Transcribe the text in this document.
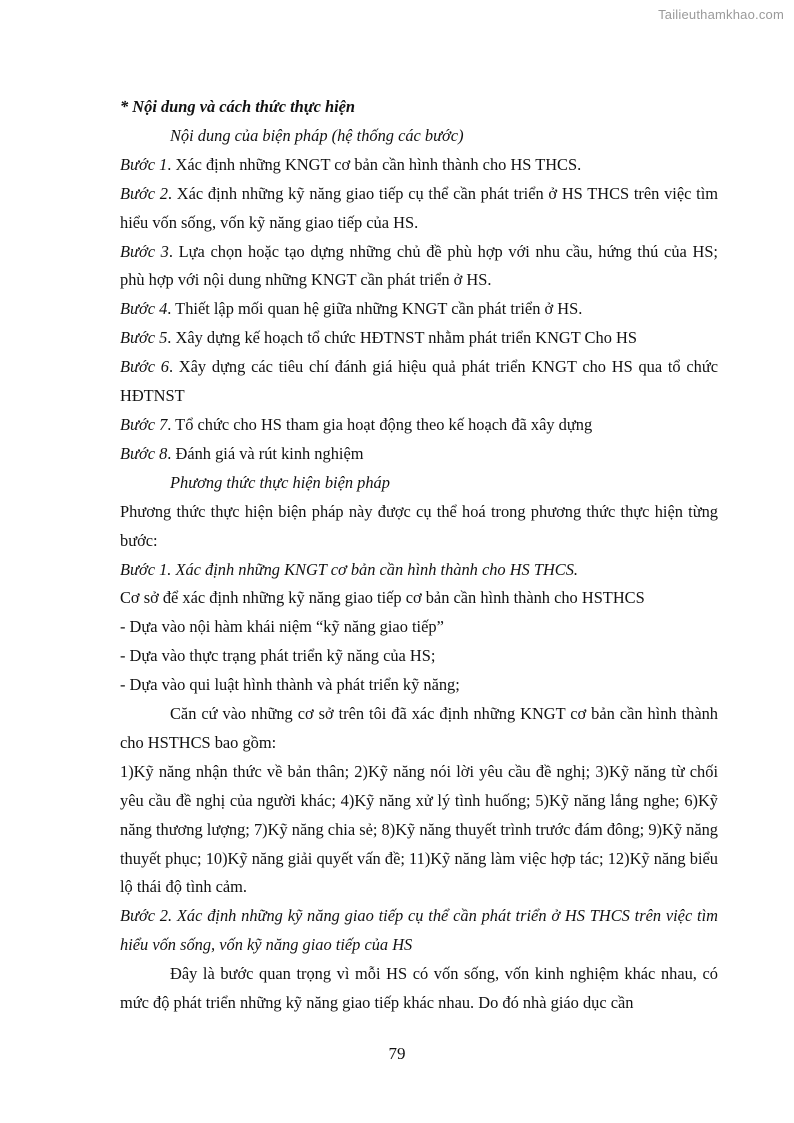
Tailieuthamkhao.com

* Nội dung và cách thức thực hiện

Nội dung của biện pháp (hệ thống các bước)

Bước 1. Xác định những KNGT cơ bản cần hình thành cho HS THCS.

Bước 2. Xác định những kỹ năng giao tiếp cụ thể cần phát triển ở HS THCS trên việc tìm hiểu vốn sống, vốn kỹ năng giao tiếp của HS.

Bước 3. Lựa chọn hoặc tạo dựng những chủ đề phù hợp với nhu cầu, hứng thú của HS; phù hợp với nội dung những KNGT cần phát triển ở HS.

Bước 4. Thiết lập mối quan hệ giữa những KNGT cần phát triển ở HS.

Bước 5. Xây dựng kế hoạch tổ chức HĐTNST nhằm phát triển KNGT Cho HS

Bước 6. Xây dựng các tiêu chí đánh giá hiệu quả phát triển KNGT cho HS qua tổ chức HĐTNST

Bước 7. Tổ chức cho HS tham gia hoạt động theo kế hoạch đã xây dựng

Bước 8. Đánh giá và rút kinh nghiệm

Phương thức thực hiện biện pháp

Phương thức thực hiện biện pháp này được cụ thể hoá trong phương thức thực hiện từng bước:

Bước 1. Xác định những KNGT cơ bản cần hình thành cho HS THCS.

Cơ sở để xác định những kỹ năng giao tiếp cơ bản cần hình thành cho HSTHCS

- Dựa vào nội hàm khái niệm “kỹ năng giao tiếp”

- Dựa vào thực trạng phát triển kỹ năng của HS;

- Dựa vào qui luật hình thành và phát triển kỹ năng;

Căn cứ vào những cơ sở trên tôi đã xác định những KNGT cơ bản cần hình thành cho HSTHCS bao gồm:

1)Kỹ năng nhận thức về bản thân; 2)Kỹ năng nói lời yêu cầu đề nghị; 3)Kỹ năng từ chối yêu cầu đề nghị của người khác; 4)Kỹ năng xử lý tình huống; 5)Kỹ năng lắng nghe; 6)Kỹ năng thương lượng; 7)Kỹ năng chia sẻ; 8)Kỹ năng thuyết trình trước đám đông; 9)Kỹ năng thuyết phục; 10)Kỹ năng giải quyết vấn đề; 11)Kỹ năng làm việc hợp tác; 12)Kỹ năng biểu lộ thái độ tình cảm.

Bước 2. Xác định những kỹ năng giao tiếp cụ thể cần phát triển ở HS THCS trên việc tìm hiểu vốn sống, vốn kỹ năng giao tiếp của HS

Đây là bước quan trọng vì mỗi HS có vốn sống, vốn kinh nghiệm khác nhau, có mức độ phát triển những kỹ năng giao tiếp khác nhau. Do đó nhà giáo dục cần

79
